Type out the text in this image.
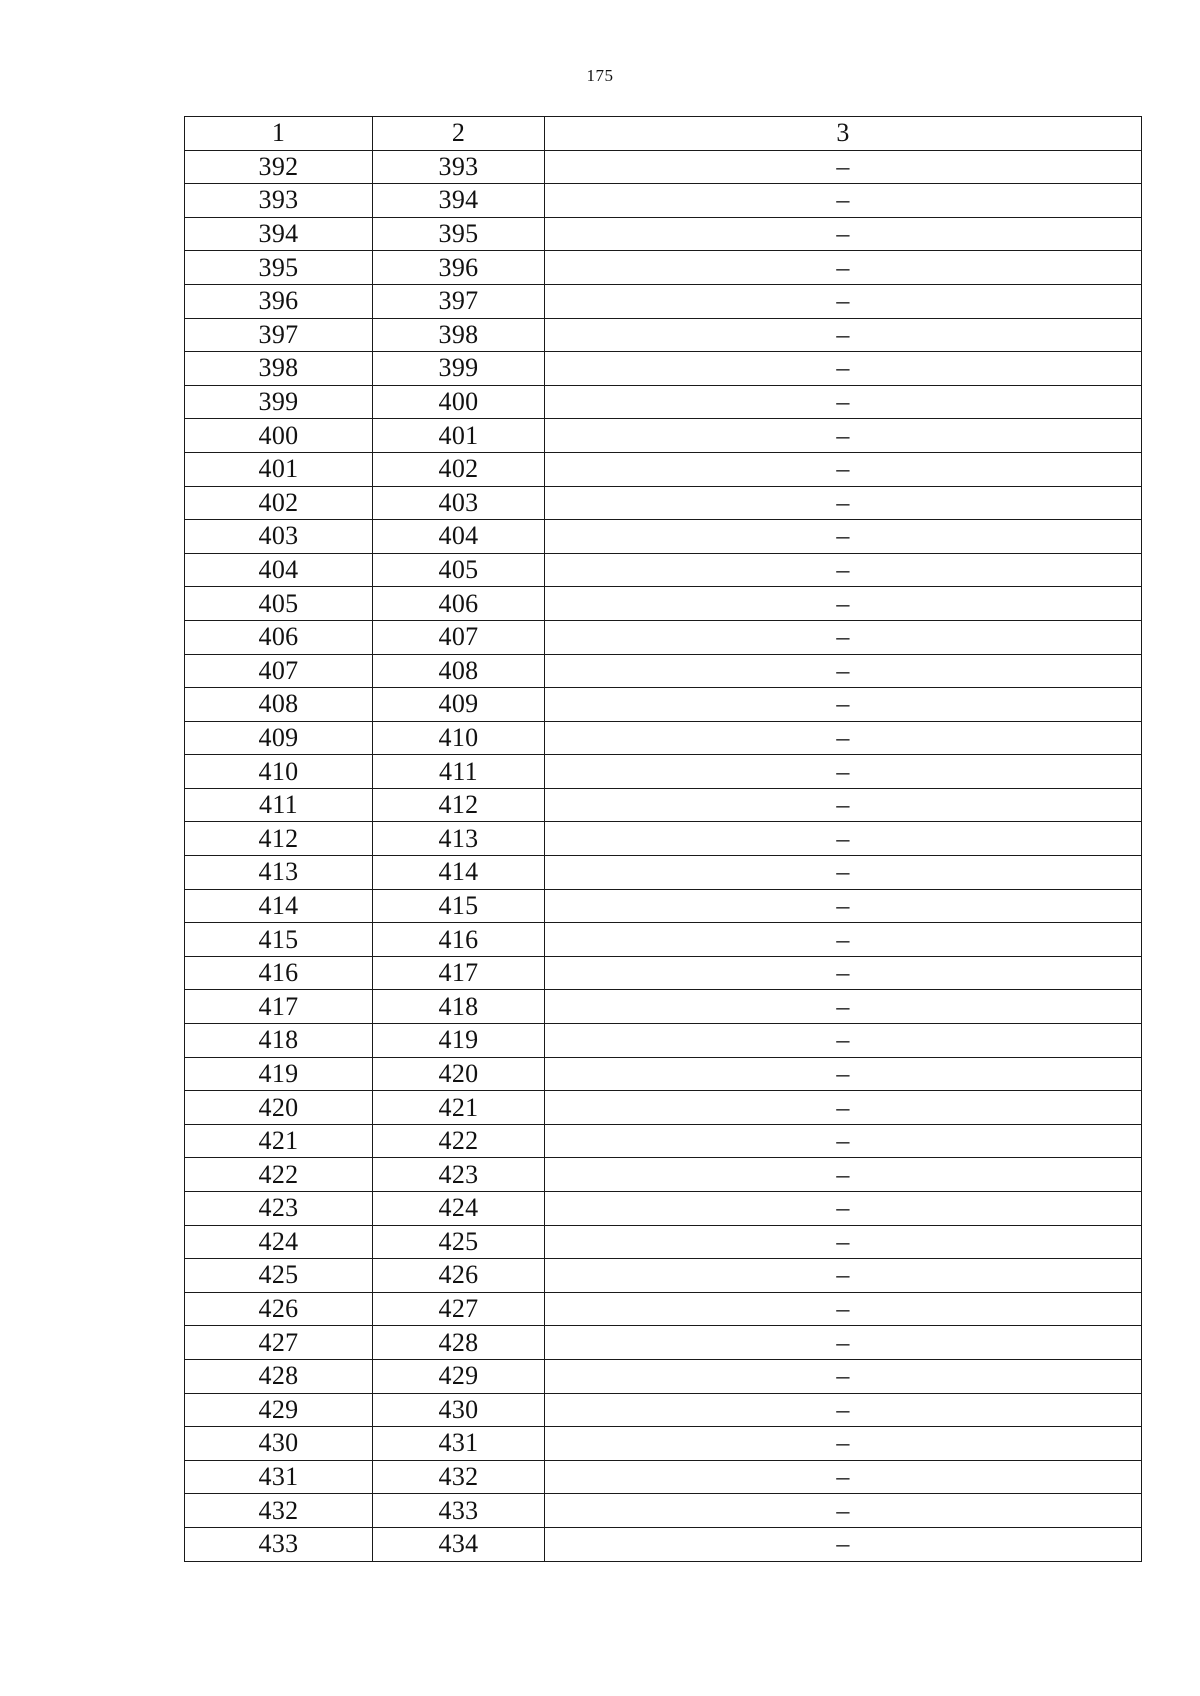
175
1	2	3
392	393	–
393	394	–
394	395	–
395	396	–
396	397	–
397	398	–
398	399	–
399	400	–
400	401	–
401	402	–
402	403	–
403	404	–
404	405	–
405	406	–
406	407	–
407	408	–
408	409	–
409	410	–
410	411	–
411	412	–
412	413	–
413	414	–
414	415	–
415	416	–
416	417	–
417	418	–
418	419	–
419	420	–
420	421	–
421	422	–
422	423	–
423	424	–
424	425	–
425	426	–
426	427	–
427	428	–
428	429	–
429	430	–
430	431	–
431	432	–
432	433	–
433	434	–
